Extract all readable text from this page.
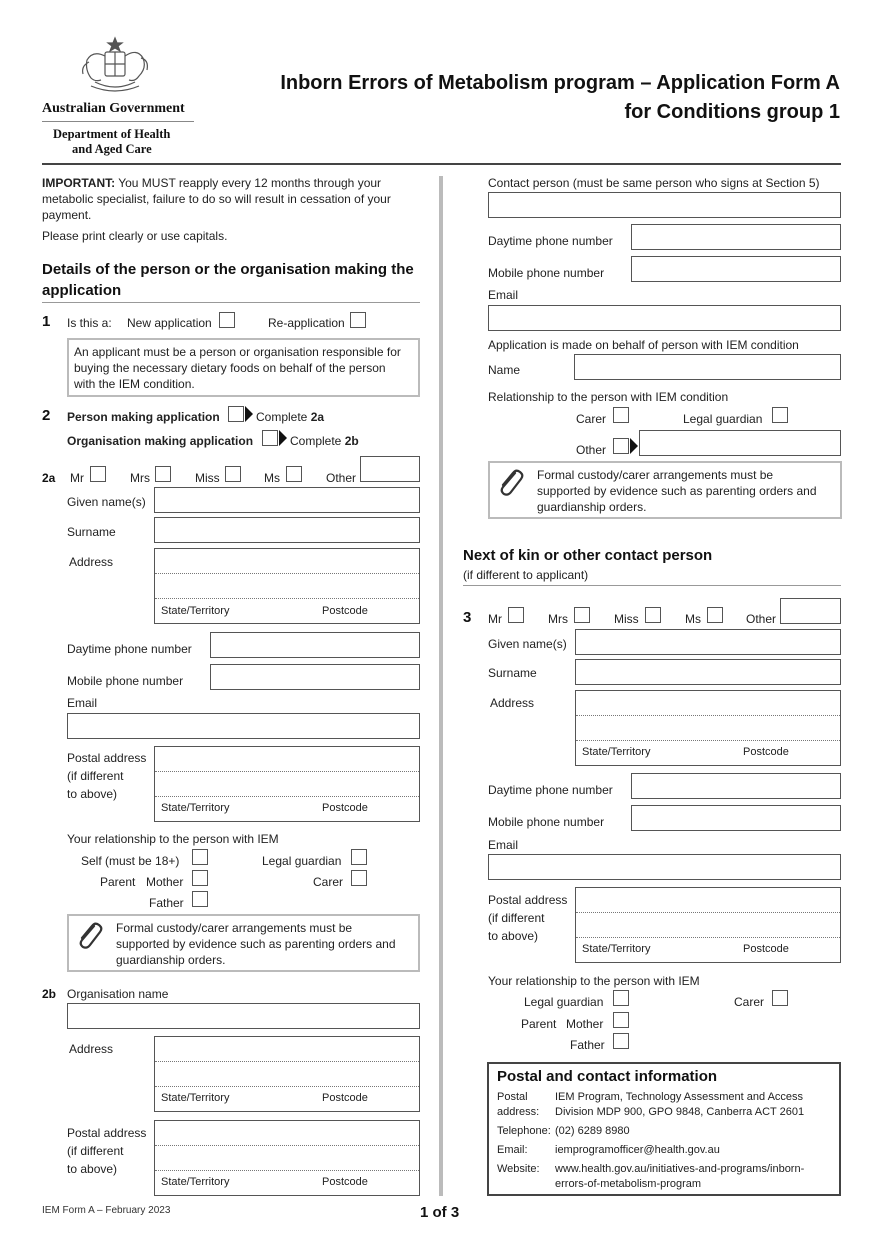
Australian Government
Department of Health
and Aged Care
Inborn Errors of Metabolism program – Application Form A
for Conditions group 1
IMPORTANT: You MUST reapply every 12 months through your
metabolic specialist, failure to do so will result in cessation of your
payment.
Please print clearly or use capitals.
Details of the person or the organisation making the
application
1 Is this a: New application	Re-application
An applicant must be a person or organisation responsible for
buying the necessary dietary foods on behalf of the person
with the IEM condition.
2 Person making application	Complete 2a
Organisation making application	Complete 2b
2a Mr	Mrs	Miss	Ms	Other
Given name(s)
Surname
Address
State/Territory	Postcode
Daytime phone number
Mobile phone number
Email
Postal address
(if different
to above)
State/Territory	Postcode
Your relationship to the person with IEM
Self (must be 18+)	Legal guardian
Parent Mother	Carer
Father
Formal custody/carer arrangements must be
supported by evidence such as parenting orders and
guardianship orders.
2b Organisation name
Address
State/Territory	Postcode
Postal address
(if different
to above)
State/Territory	Postcode
Contact person (must be same person who signs at Section 5)
Daytime phone number
Mobile phone number
Email
Application is made on behalf of person with IEM condition
Name
Relationship to the person with IEM condition
Carer	Legal guardian
Other
Formal custody/carer arrangements must be
supported by evidence such as parenting orders and
guardianship orders.
Next of kin or other contact person
(if different to applicant)
3 Mr	Mrs	Miss	Ms	Other
Given name(s)
Surname
Address
State/Territory	Postcode
Daytime phone number
Mobile phone number
Email
Postal address
(if different
to above)
State/Territory	Postcode
Your relationship to the person with IEM
Legal guardian	Carer
Parent Mother
Father
Postal and contact information
Postal
address:
IEM Program, Technology Assessment and Access
Division MDP 900, GPO 9848, Canberra ACT 2601
Telephone: (02) 6289 8980
Email: iemprogramofficer@health.gov.au
Website: www.health.gov.au/initiatives-and-programs/inborn-
errors-of-metabolism-program
IEM Form A – February 2023	1 of 3
